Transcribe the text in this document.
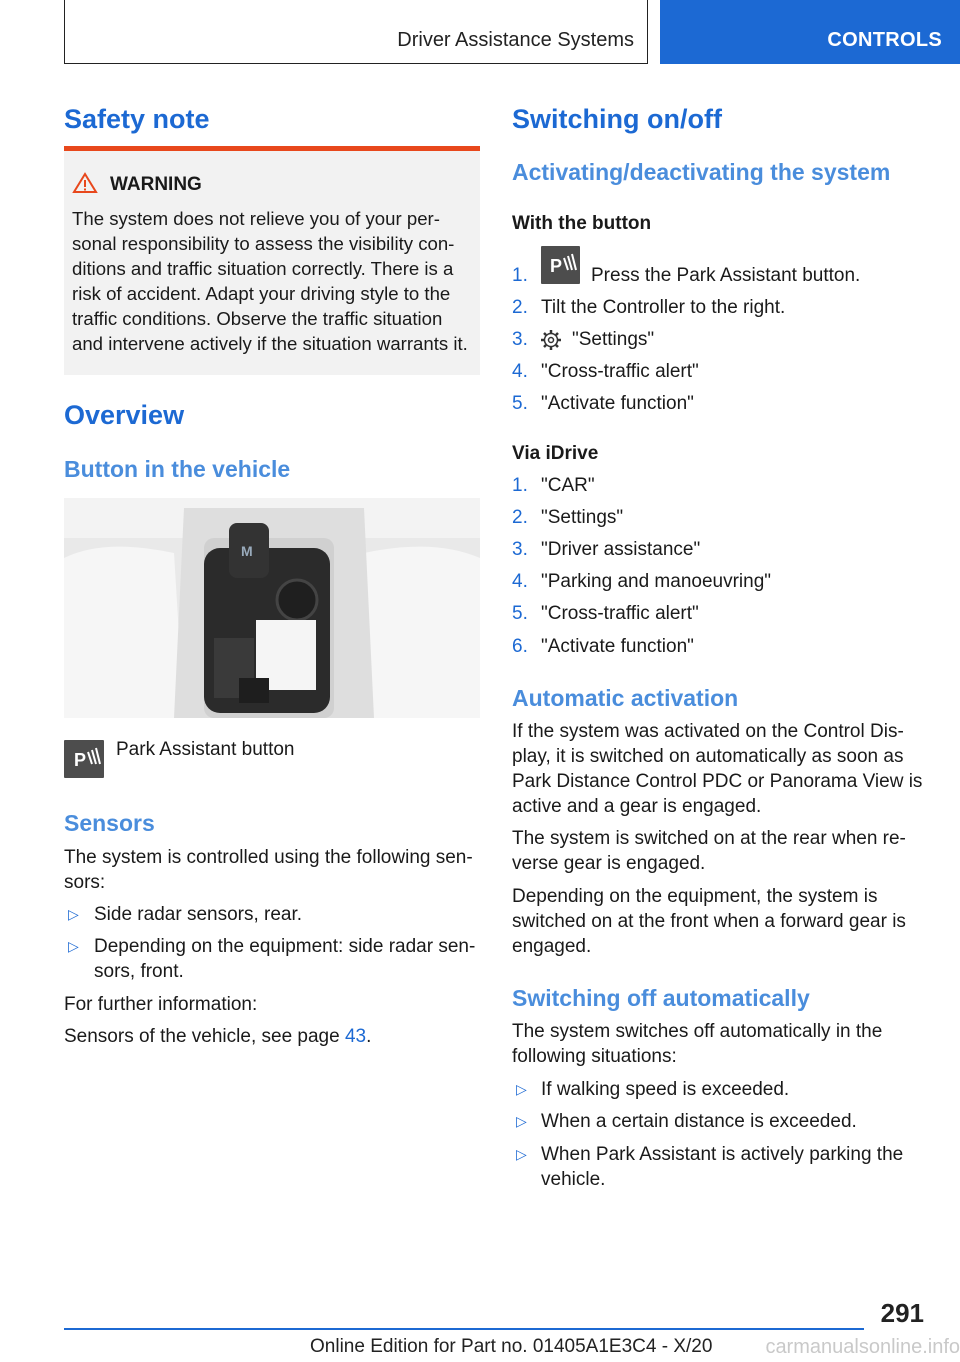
Driver Assistance Systems	CONTROLS
Safety note
WARNING
The system does not relieve you of your per-
sonal responsibility to assess the visibility con-
ditions and traffic situation correctly. There is a
risk of accident. Adapt your driving style to the
traffic conditions. Observe the traffic situation
and intervene actively if the situation warrants it.
Overview
Button in the vehicle
M
P Park Assistant button
Sensors
The system is controlled using the following sen-
sors:
▷ Side radar sensors, rear.
▷ Depending on the equipment: side radar sen-
sors, front.
For further information:
Sensors of the vehicle, see page 43.
Switching on/off
Activating/deactivating the system
With the button
1. P Press the Park Assistant button.
2. Tilt the Controller to the right.
3. "Settings"
4. "Cross-traffic alert"
5. "Activate function"
Via iDrive
1. "CAR"
2. "Settings"
3. "Driver assistance"
4. "Parking and manoeuvring"
5. "Cross-traffic alert"
6. "Activate function"
Automatic activation
If the system was activated on the Control Dis-
play, it is switched on automatically as soon as
Park Distance Control PDC or Panorama View is
active and a gear is engaged.
The system is switched on at the rear when re-
verse gear is engaged.
Depending on the equipment, the system is
switched on at the front when a forward gear is
engaged.
Switching off automatically
The system switches off automatically in the
following situations:
▷ If walking speed is exceeded.
▷ When a certain distance is exceeded.
▷ When Park Assistant is actively parking the
vehicle.
291
Online Edition for Part no. 01405A1E3C4 - X/20	carmanualsonline.info
